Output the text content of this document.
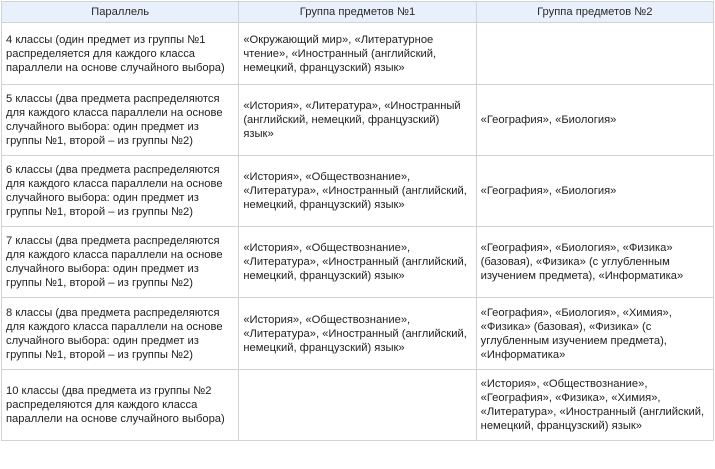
Параллель	Группа предметов №1	Группа предметов №2
4 классы (один предмет из группы №1 распределяется для каждого класса параллели на основе случайного выбора)	«Окружающий мир», «Литературное чтение», «Иностранный (английский, немецкий, французский) язык»	
5 классы (два предмета распределяются для каждого класса параллели на основе случайного выбора: один предмет из группы №1, второй – из группы №2)	«История», «Литература», «Иностранный (английский, немецкий, французский) язык»	«География», «Биология»
6 классы (два предмета распределяются для каждого класса параллели на основе случайного выбора: один предмет из группы №1, второй – из группы №2)	«История», «Обществознание», «Литература», «Иностранный (английский, немецкий, французский) язык»	«География», «Биология»
7 классы (два предмета распределяются для каждого класса параллели на основе случайного выбора: один предмет из группы №1, второй – из группы №2)	«История», «Обществознание», «Литература», «Иностранный (английский, немецкий, французский) язык»	«География», «Биология», «Физика» (базовая), «Физика» (с углубленным изучением предмета), «Информатика»
8 классы (два предмета распределяются для каждого класса параллели на основе случайного выбора: один предмет из группы №1, второй – из группы №2)	«История», «Обществознание», «Литература», «Иностранный (английский, немецкий, французский) язык»	«География», «Биология», «Химия», «Физика» (базовая), «Физика» (с углубленным изучением предмета), «Информатика»
10 классы (два предмета из группы №2 распределяются для каждого класса параллели на основе случайного выбора)		«История», «Обществознание», «География», «Физика», «Химия», «Литература», «Иностранный (английский, немецкий, французский) язык»
